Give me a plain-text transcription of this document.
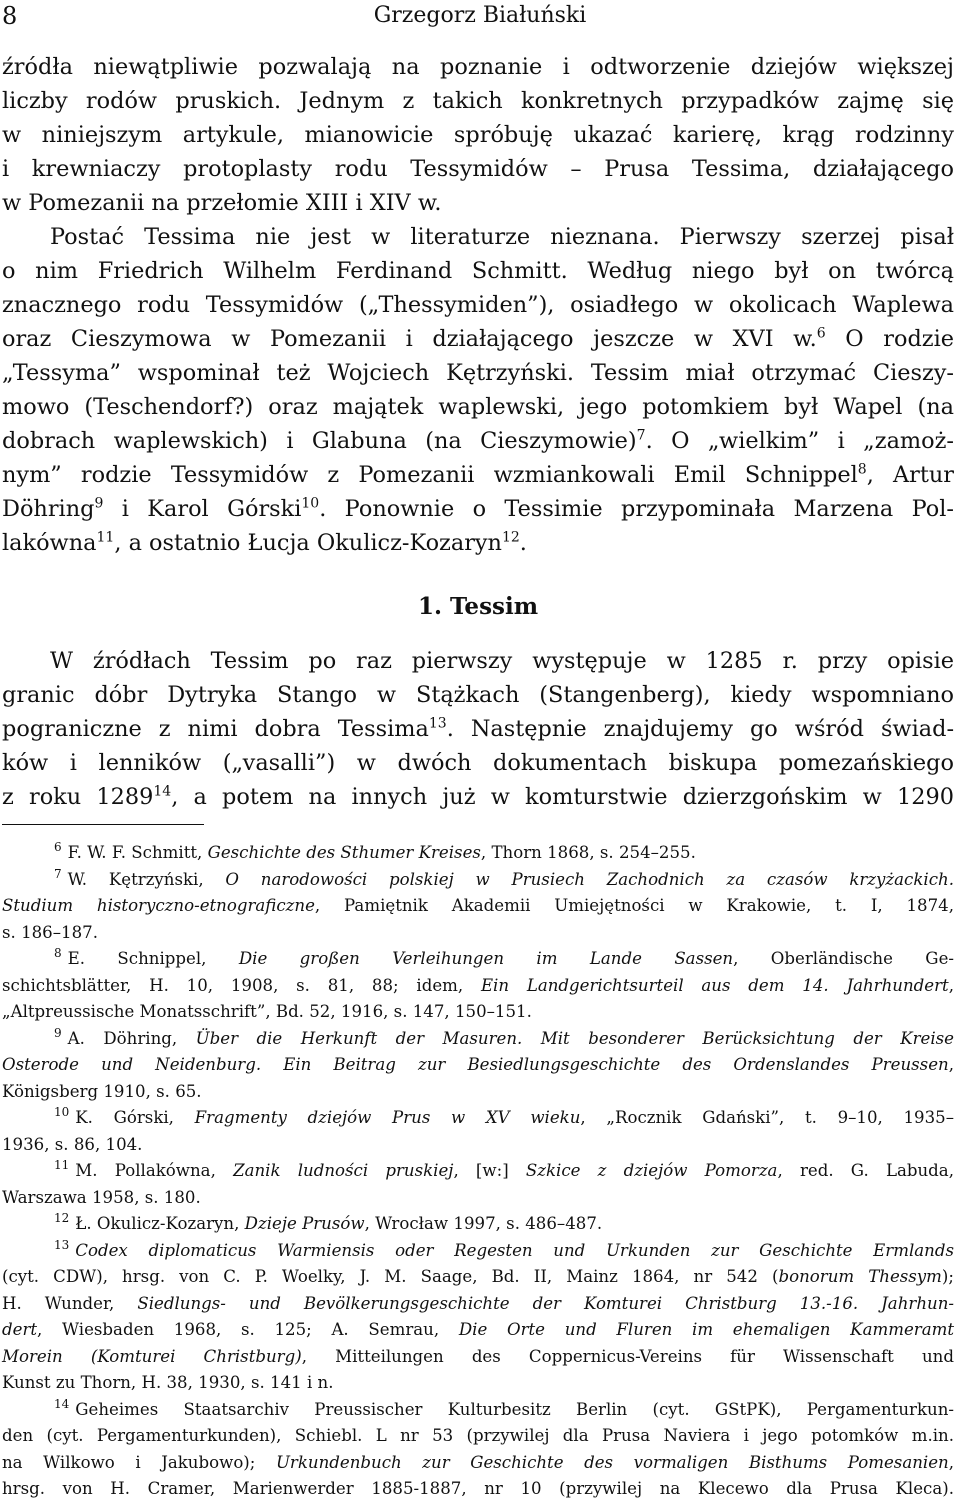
8	Grzegorz Białuński
źródła niewątpliwie pozwalają na poznanie i odtworzenie dziejów większej
liczby rodów pruskich. Jednym z takich konkretnych przypadków zajmę się
w niniejszym artykule, mianowicie spróbuję ukazać karierę, krąg rodzinny
i krewniaczy protoplasty rodu Tessymidów – Prusa Tessima, działającego
w Pomezanii na przełomie XIII i XIV w.
Postać Tessima nie jest w literaturze nieznana. Pierwszy szerzej pisał
o nim Friedrich Wilhelm Ferdinand Schmitt. Według niego był on twórcą
znacznego rodu Tessymidów („Thessymiden”), osiadłego w okolicach Waplewa
oraz Cieszymowa w Pomezanii i działającego jeszcze w XVI w.$^6$ O rodzie
„Tessyma” wspominał też Wojciech Kętrzyński. Tessim miał otrzymać Cieszy-
mowo (Teschendorf?) oraz majątek waplewski, jego potomkiem był Wapel (na
dobrach waplewskich) i Glabuna (na Cieszymowie)$^7$. O „wielkim” i „zamoż-
nym” rodzie Tessymidów z Pomezanii wzmiankowali Emil Schnippel$^8$, Artur
Döhring$^9$ i Karol Górski$^{10}$. Ponownie o Tessimie przypominała Marzena Pol-
lakówna$^{11}$, a ostatnio Łucja Okulicz-Kozaryn$^{12}$.
1. Tessim
W źródłach Tessim po raz pierwszy występuje w 1285 r. przy opisie
granic dóbr Dytryka Stango w Stążkach (Stangenberg), kiedy wspomniano
pograniczne z nimi dobra Tessima$^{13}$. Następnie znajdujemy go wśród świad-
ków i lenników („vasalli”) w dwóch dokumentach biskupa pomezańskiego
z roku 1289$^{14}$, a potem na innych już w komturstwie dzierzgońskim w 1290
$^6$ F. W. F. Schmitt, Geschichte des Sthumer Kreises, Thorn 1868, s. 254–255.
$^7$ W. Kętrzyński, O narodowości polskiej w Prusiech Zachodnich za czasów krzyżackich.
Studium historyczno-etnograficzne, Pamiętnik Akademii Umiejętności w Krakowie, t. I, 1874,
s. 186–187.
$^8$ E. Schnippel, Die großen Verleihungen im Lande Sassen, Oberländische Ge-
schichtsblätter, H. 10, 1908, s. 81, 88; idem, Ein Landgerichtsurteil aus dem 14. Jahrhundert,
„Altpreussische Monatsschrift”, Bd. 52, 1916, s. 147, 150–151.
$^9$ A. Döhring, Über die Herkunft der Masuren. Mit besonderer Berücksichtung der Kreise
Osterode und Neidenburg. Ein Beitrag zur Besiedlungsgeschichte des Ordenslandes Preussen,
Königsberg 1910, s. 65.
$^{10}$ K. Górski, Fragmenty dziejów Prus w XV wieku, „Rocznik Gdański”, t. 9–10, 1935–
1936, s. 86, 104.
$^{11}$ M. Pollakówna, Zanik ludności pruskiej, [w:] Szkice z dziejów Pomorza, red. G. Labuda,
Warszawa 1958, s. 180.
$^{12}$ Ł. Okulicz-Kozaryn, Dzieje Prusów, Wrocław 1997, s. 486–487.
$^{13}$ Codex diplomaticus Warmiensis oder Regesten und Urkunden zur Geschichte Ermlands
(cyt. CDW), hrsg. von C. P. Woelky, J. M. Saage, Bd. II, Mainz 1864, nr 542 (bonorum Thessym);
H. Wunder, Siedlungs- und Bevölkerungsgeschichte der Komturei Christburg 13.-16. Jahrhun-
dert, Wiesbaden 1968, s. 125; A. Semrau, Die Orte und Fluren im ehemaligen Kammeramt
Morein (Komturei Christburg), Mitteilungen des Coppernicus-Vereins für Wissenschaft und
Kunst zu Thorn, H. 38, 1930, s. 141 i n.
$^{14}$ Geheimes Staatsarchiv Preussischer Kulturbesitz Berlin (cyt. GStPK), Pergamenturkun-
den (cyt. Pergamenturkunden), Schiebl. L nr 53 (przywilej dla Prusa Naviera i jego potomków m.in.
na Wilkowo i Jakubowo); Urkundenbuch zur Geschichte des vormaligen Bisthums Pomesanien,
hrsg. von H. Cramer, Marienwerder 1885-1887, nr 10 (przywilej na Klecewo dla Prusa Kleca).
